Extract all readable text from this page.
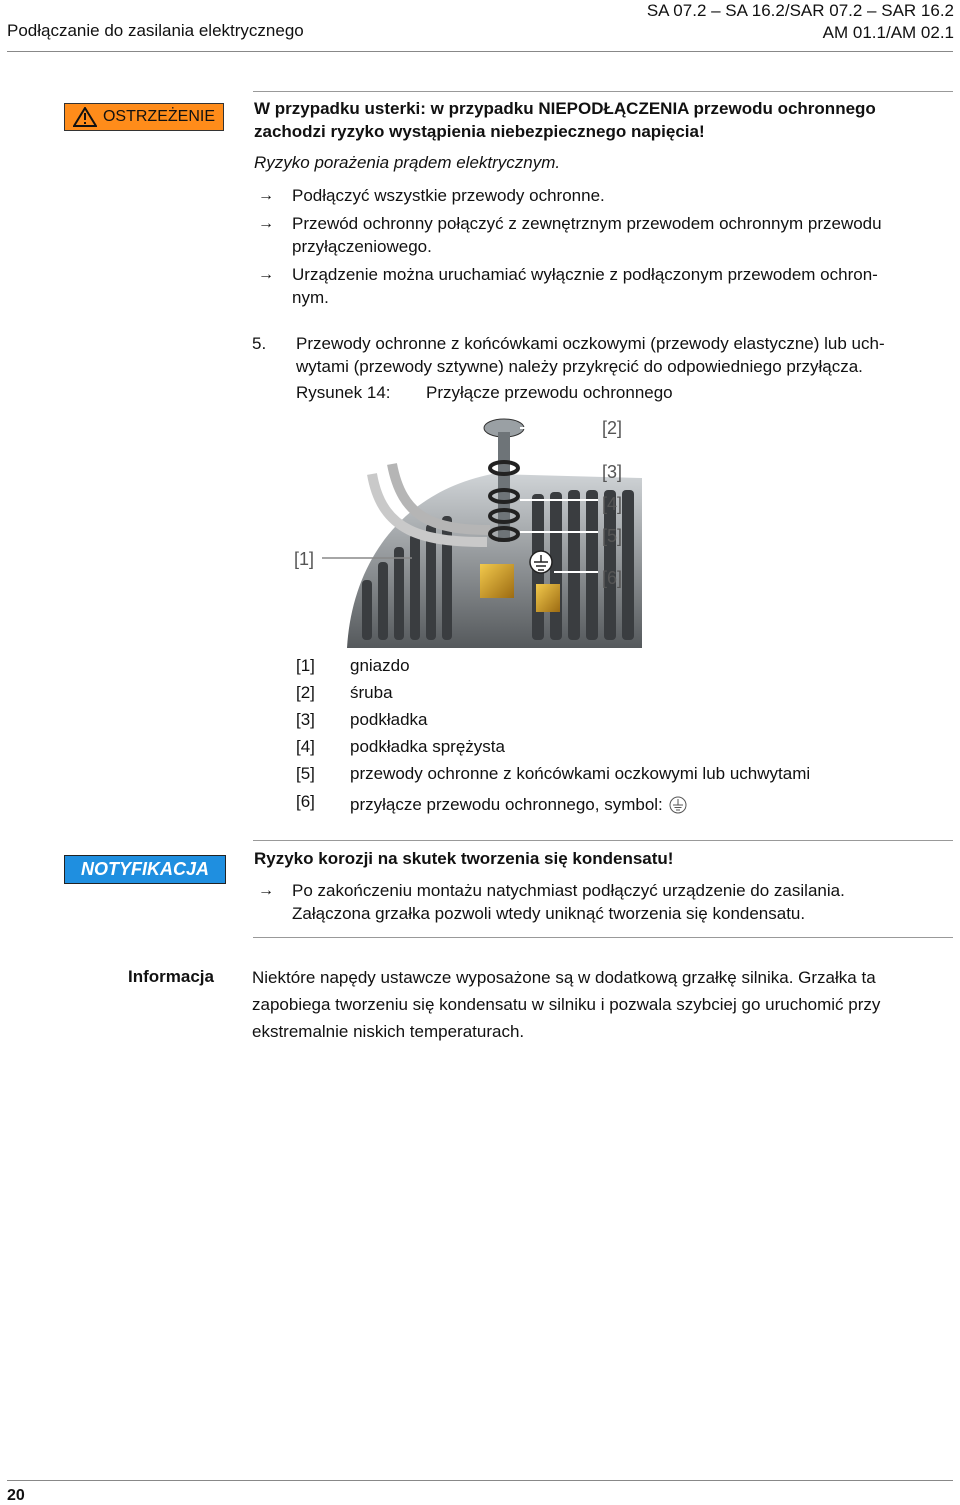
Podłączanie do zasilania elektrycznego
SA 07.2 – SA 16.2/SAR 07.2 – SAR 16.2
AM 01.1/AM 02.1
OSTRZEŻENIE W przypadku usterki: w przypadku NIEPODŁĄCZENIA przewodu ochronnego
zachodzi ryzyko wystąpienia niebezpiecznego napięcia!
Ryzyko porażenia prądem elektrycznym.
→ Podłączyć wszystkie przewody ochronne.
→ Przewód ochronny połączyć z zewnętrznym przewodem ochronnym przewodu
przyłączeniowego.
→ Urządzenie można uruchamiać wyłącznie z podłączonym przewodem ochron-
nym.
5. Przewody ochronne z końcówkami oczkowymi (przewody elastyczne) lub uch-
wytami (przewody sztywne) należy przykręcić do odpowiedniego przyłącza.
Rysunek 14: Przyłącze przewodu ochronnego
[1]
[2]
[3]
[4]
[5]
[6]
[1] gniazdo
[2] śruba
[3] podkładka
[4] podkładka sprężysta
[5] przewody ochronne z końcówkami oczkowymi lub uchwytami
[6] przyłącze przewodu ochronnego, symbol:
NOTYFIKACJA
Ryzyko korozji na skutek tworzenia się kondensatu!
→ Po zakończeniu montażu natychmiast podłączyć urządzenie do zasilania.
Załączona grzałka pozwoli wtedy uniknąć tworzenia się kondensatu.
Informacja Niektóre napędy ustawcze wyposażone są w dodatkową grzałkę silnika. Grzałka ta
zapobiega tworzeniu się kondensatu w silniku i pozwala szybciej go uruchomić przy
ekstremalnie niskich temperaturach.
20
